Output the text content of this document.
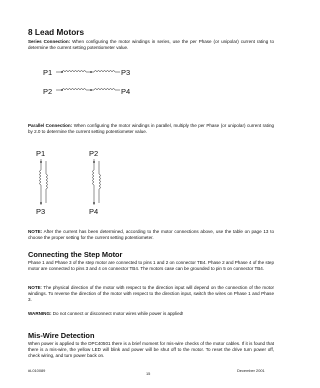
8 Lead Motors
Series Connection: When configuring the motor windings in series, use the per Phase (or unipolar) current rating to determine the current setting potentiometer value.
P1	P3
P2	P4
Parallel Connection: When configuring the motor windings in parallel, multiply the per Phase (or unipolar) current rating by 2.0 to determine the current setting potentiometer value.
P1	P2
P3	P4
NOTE: After the current has been determined, according to the motor connections above, use the table on page 13 to choose the proper setting for the current setting potentiometer.
Connecting the Step Motor
Phase 1 and Phase 3 of the step motor are connected to pins 1 and 2 on connector TB4. Phase 2 and Phase 4 of the step motor are connected to pins 3 and 4 on connector TB4. The motors case can be grounded to pin 5 on connector TB4.
NOTE: The physical direction of the motor with respect to the direction input will depend on the connection of the motor windings. To reverse the direction of the motor with respect to the direction input, switch the wires on Phase 1 and Phase 3.
WARNING: Do not connect or disconnect motor wires while power is applied!
Mis-Wire Detection
When power is applied to the DPC40501 there is a brief moment for mis-wire checks of the motor cables. If it is found that there is a mis-wire, the yellow LED will blink and power will be shut off to the motor. To reset the drive turn power off, check wiring, and turn power back on.
#L010089
15
December 2001
